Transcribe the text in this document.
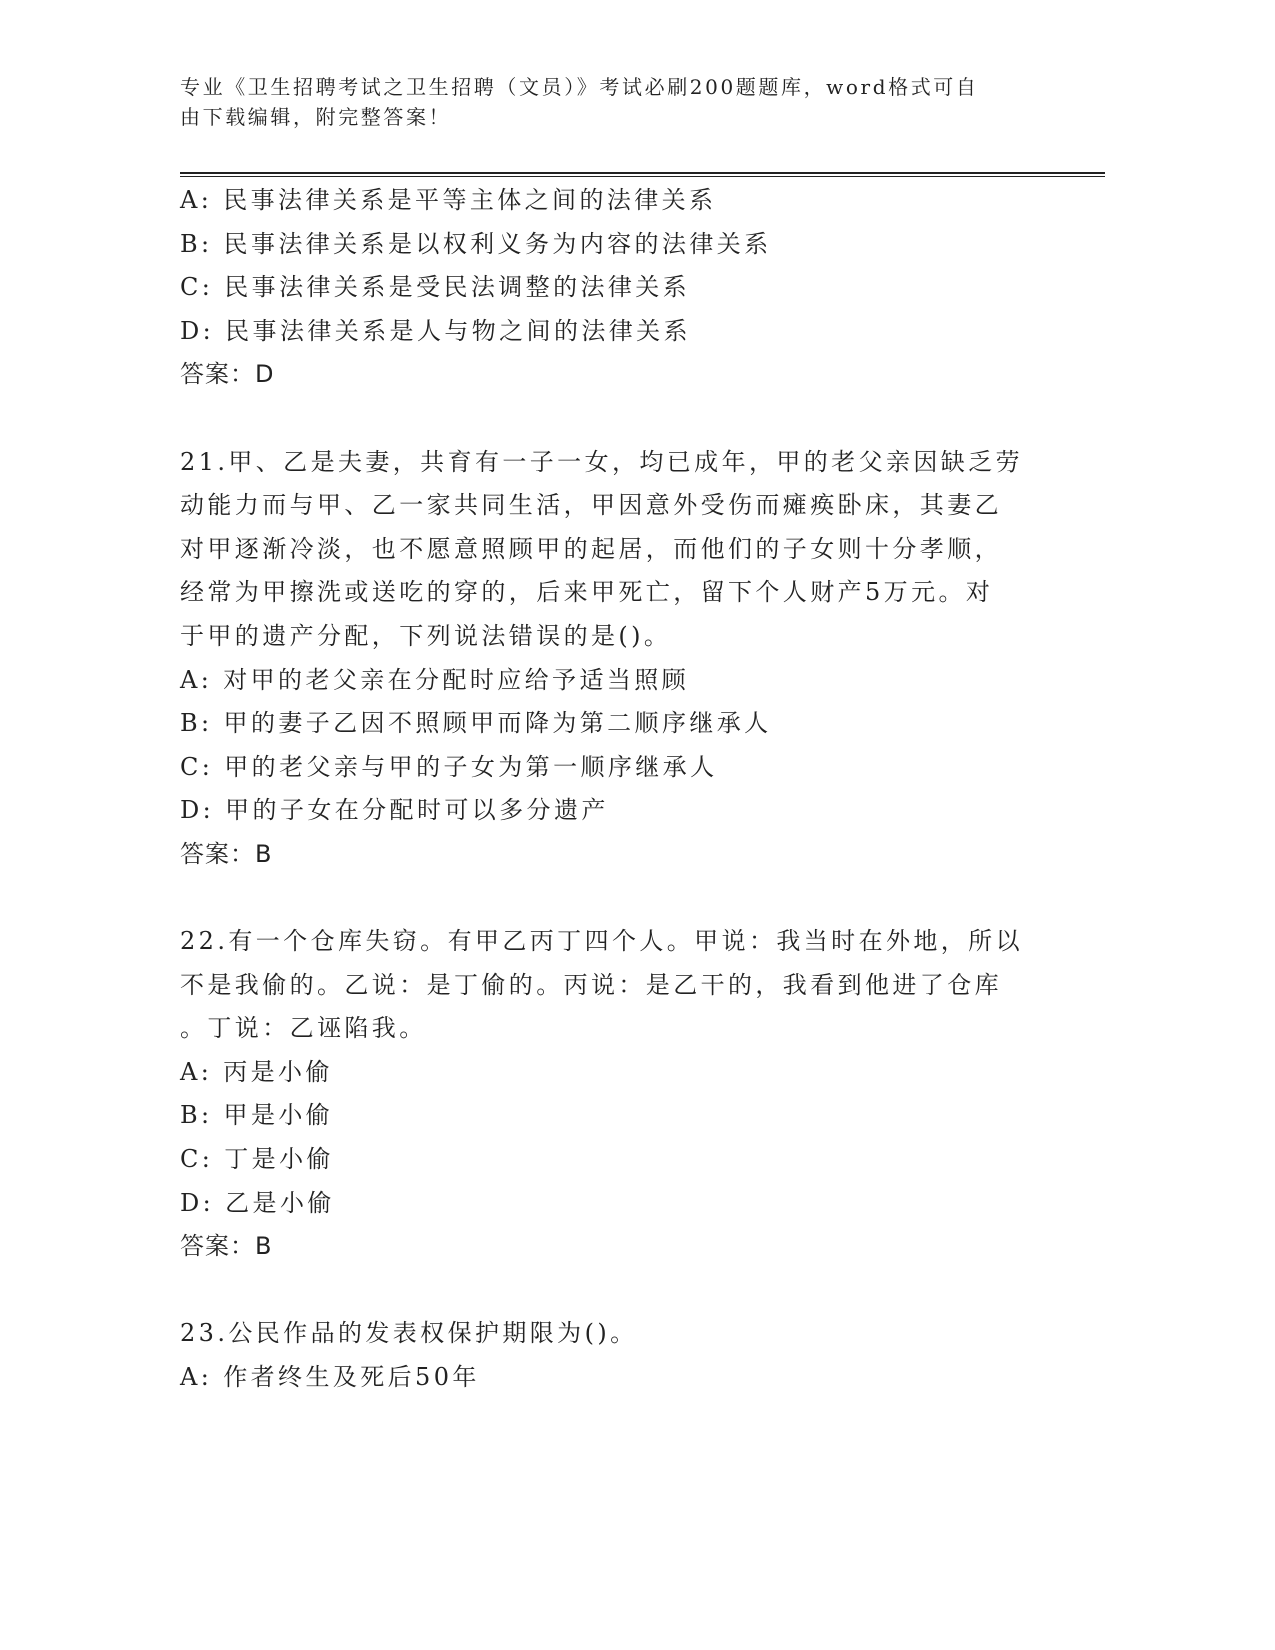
专业《卫生招聘考试之卫生招聘（文员）》考试必刷200题题库，word格式可自
由下载编辑，附完整答案！
A: 民事法律关系是平等主体之间的法律关系
B: 民事法律关系是以权利义务为内容的法律关系
C: 民事法律关系是受民法调整的法律关系
D: 民事法律关系是人与物之间的法律关系
答案：D
21.甲、乙是夫妻，共育有一子一女，均已成年，甲的老父亲因缺乏劳
动能力而与甲、乙一家共同生活，甲因意外受伤而瘫痪卧床，其妻乙
对甲逐渐冷淡，也不愿意照顾甲的起居，而他们的子女则十分孝顺，
经常为甲擦洗或送吃的穿的，后来甲死亡，留下个人财产5万元。对
于甲的遗产分配，下列说法错误的是()。
A: 对甲的老父亲在分配时应给予适当照顾
B: 甲的妻子乙因不照顾甲而降为第二顺序继承人
C: 甲的老父亲与甲的子女为第一顺序继承人
D: 甲的子女在分配时可以多分遗产
答案：B
22.有一个仓库失窃。有甲乙丙丁四个人。甲说：我当时在外地，所以
不是我偷的。乙说：是丁偷的。丙说：是乙干的，我看到他进了仓库
。丁说：乙诬陷我。
A: 丙是小偷
B: 甲是小偷
C: 丁是小偷
D: 乙是小偷
答案：B
23.公民作品的发表权保护期限为()。
A: 作者终生及死后50年
